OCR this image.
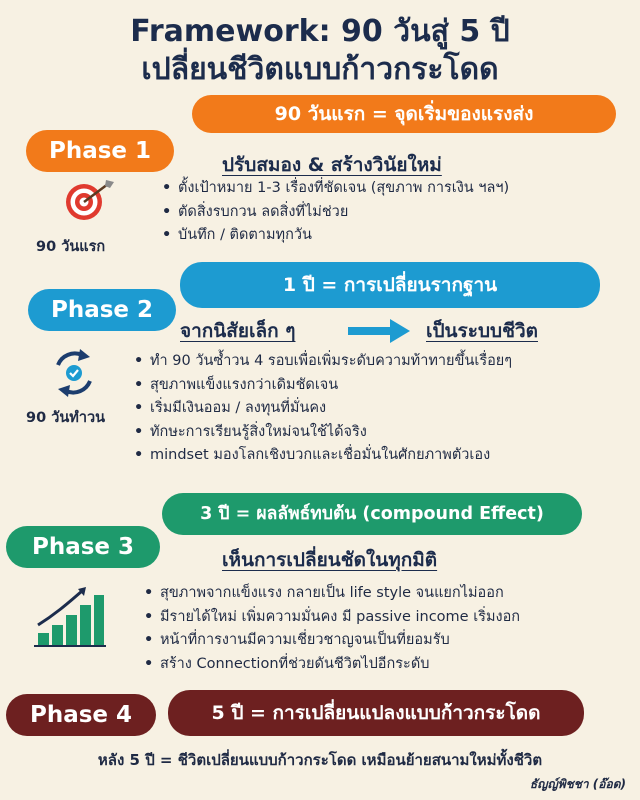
Framework: 90 วันสู่ 5 ปี
เปลี่ยนชีวิตแบบก้าวกระโดด
90 วันแรก = จุดเริ่มของแรงส่ง
Phase 1
ปรับสมอง & สร้างวินัยใหม่
90 วันแรก
• ตั้งเป้าหมาย 1-3 เรื่องที่ชัดเจน (สุขภาพ การเงิน ฯลฯ)
• ตัดสิ่งรบกวน ลดสิ่งที่ไม่ช่วย
• บันทึก / ติดตามทุกวัน
1 ปี = การเปลี่ยนรากฐาน
Phase 2
จากนิสัยเล็ก ๆ	เป็นระบบชีวิต
90 วันทำวน
• ทำ 90 วันซ้ำวน 4 รอบเพื่อเพิ่มระดับความท้าทายขึ้นเรื่อยๆ
• สุขภาพแข็งแรงกว่าเดิมชัดเจน
• เริ่มมีเงินออม / ลงทุนที่มั่นคง
• ทักษะการเรียนรู้สิ่งใหม่จนใช้ได้จริง
• mindset มองโลกเชิงบวกและเชื่อมั่นในศักยภาพตัวเอง
3 ปี = ผลลัพธ์ทบต้น (compound Effect)
Phase 3	เห็นการเปลี่ยนชัดในทุกมิติ
• สุขภาพจากแข็งแรง กลายเป็น life style จนแยกไม่ออก
• มีรายได้ใหม่ เพิ่มความมั่นคง มี passive income เริ่มงอก
• หน้าที่การงานมีความเชี่ยวชาญจนเป็นที่ยอมรับ
• สร้าง Connectionที่ช่วยดันชีวิตไปอีกระดับ
Phase 4	5 ปี = การเปลี่ยนแปลงแบบก้าวกระโดด
หลัง 5 ปี = ชีวิตเปลี่ยนแบบก้าวกระโดด เหมือนย้ายสนามใหม่ทั้งชีวิต
ธัญญ์พิชชา (อ๊อด)
